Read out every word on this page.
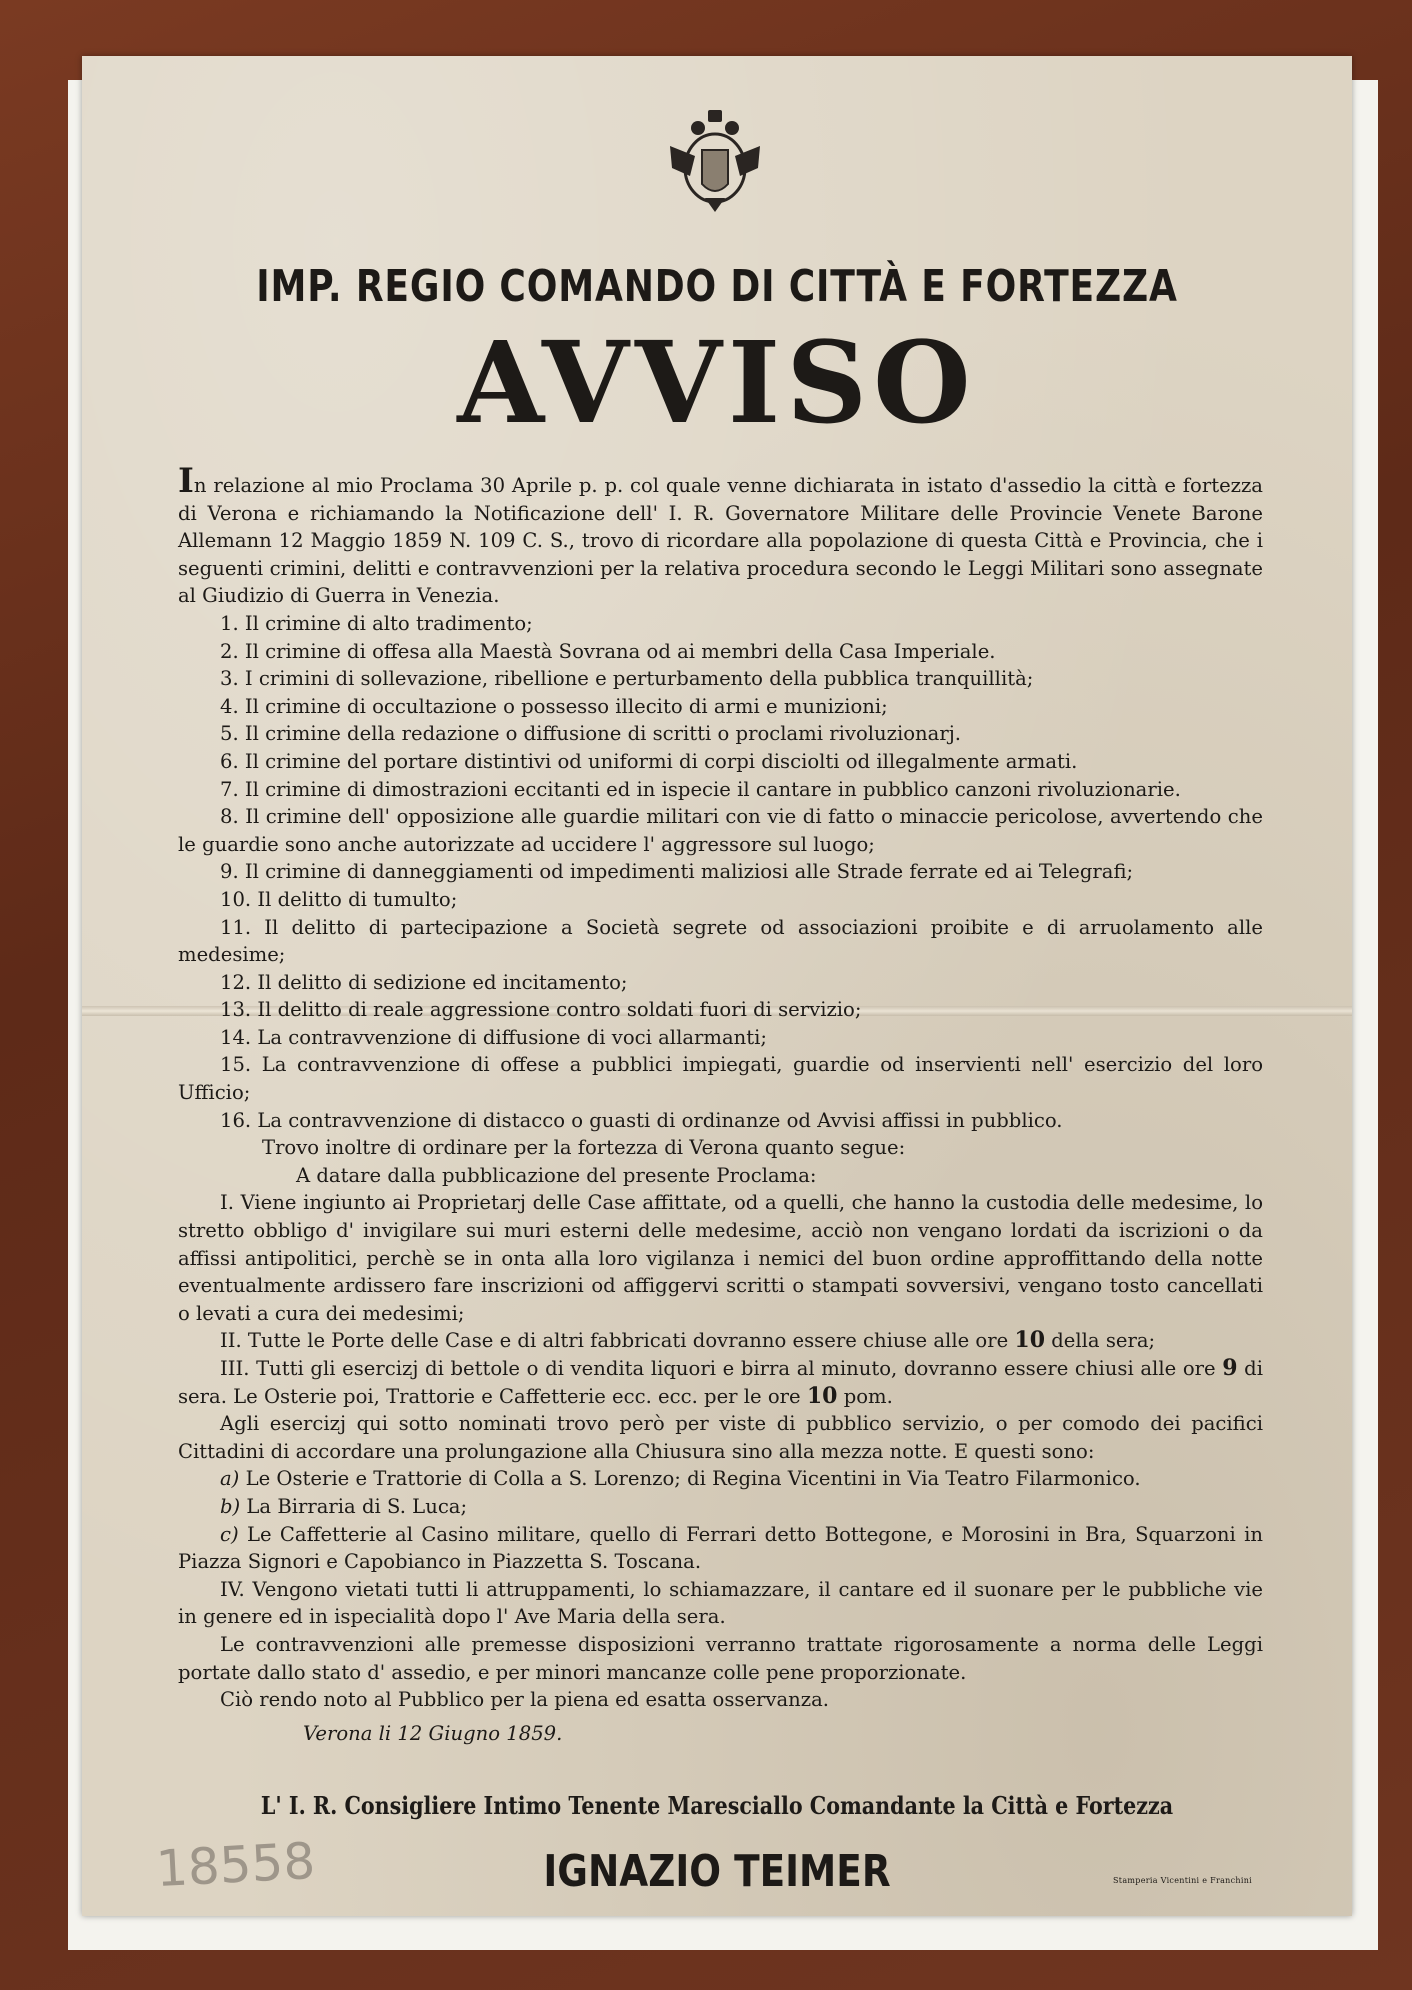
IMP. REGIO COMANDO DI CITTÀ E FORTEZZA
AVVISO

In relazione al mio Proclama 30 Aprile p. p. col quale venne dichiarata in istato d'assedio la città e fortezza di Verona e richiamando la Notificazione dell' I. R. Governatore Militare delle Provincie Venete Barone Allemann 12 Maggio 1859 N. 109 C. S., trovo di ricordare alla popolazione di questa Città e Provincia, che i seguenti crimini, delitti e contravvenzioni per la relativa procedura secondo le Leggi Militari sono assegnate al Giudizio di Guerra in Venezia.

1. Il crimine di alto tradimento;

2. Il crimine di offesa alla Maestà Sovrana od ai membri della Casa Imperiale.

3. I crimini di sollevazione, ribellione e perturbamento della pubblica tranquillità;

4. Il crimine di occultazione o possesso illecito di armi e munizioni;

5. Il crimine della redazione o diffusione di scritti o proclami rivoluzionarj.

6. Il crimine del portare distintivi od uniformi di corpi disciolti od illegalmente armati.

7. Il crimine di dimostrazioni eccitanti ed in ispecie il cantare in pubblico canzoni rivoluzionarie.

8. Il crimine dell' opposizione alle guardie militari con vie di fatto o minaccie pericolose, avvertendo che le guardie sono anche autorizzate ad uccidere l' aggressore sul luogo;

9. Il crimine di danneggiamenti od impedimenti maliziosi alle Strade ferrate ed ai Telegrafi;

10. Il delitto di tumulto;

11. Il delitto di partecipazione a Società segrete od associazioni proibite e di arruolamento alle medesime;

12. Il delitto di sedizione ed incitamento;

13. Il delitto di reale aggressione contro soldati fuori di servizio;

14. La contravvenzione di diffusione di voci allarmanti;

15. La contravvenzione di offese a pubblici impiegati, guardie od inservienti nell' esercizio del loro Ufficio;

16. La contravvenzione di distacco o guasti di ordinanze od Avvisi affissi in pubblico.

Trovo inoltre di ordinare per la fortezza di Verona quanto segue:

A datare dalla pubblicazione del presente Proclama:

I. Viene ingiunto ai Proprietarj delle Case affittate, od a quelli, che hanno la custodia delle medesime, lo stretto obbligo d' invigilare sui muri esterni delle medesime, acciò non vengano lordati da iscrizioni o da affissi antipolitici, perchè se in onta alla loro vigilanza i nemici del buon ordine approffittando della notte eventualmente ardissero fare inscrizioni od affiggervi scritti o stampati sovversivi, vengano tosto cancellati o levati a cura dei medesimi;

II. Tutte le Porte delle Case e di altri fabbricati dovranno essere chiuse alle ore 10 della sera;

III. Tutti gli esercizj di bettole o di vendita liquori e birra al minuto, dovranno essere chiusi alle ore 9 di sera. Le Osterie poi, Trattorie e Caffetterie ecc. ecc. per le ore 10 pom.

Agli esercizj qui sotto nominati trovo però per viste di pubblico servizio, o per comodo dei pacifici Cittadini di accordare una prolungazione alla Chiusura sino alla mezza notte. E questi sono:

a) Le Osterie e Trattorie di Colla a S. Lorenzo; di Regina Vicentini in Via Teatro Filarmonico.

b) La Birraria di S. Luca;

c) Le Caffetterie al Casino militare, quello di Ferrari detto Bottegone, e Morosini in Bra, Squarzoni in Piazza Signori e Capobianco in Piazzetta S. Toscana.

IV. Vengono vietati tutti li attruppamenti, lo schiamazzare, il cantare ed il suonare per le pubbliche vie in genere ed in ispecialità dopo l' Ave Maria della sera.

Le contravvenzioni alle premesse disposizioni verranno trattate rigorosamente a norma delle Leggi portate dallo stato d' assedio, e per minori mancanze colle pene proporzionate.

Ciò rendo noto al Pubblico per la piena ed esatta osservanza.

Verona li 12 Giugno 1859.

L' I. R. Consigliere Intimo Tenente Maresciallo Comandante la Città e Fortezza
IGNAZIO TEIMER	Stamperia Vicentini e Franchini
18558
